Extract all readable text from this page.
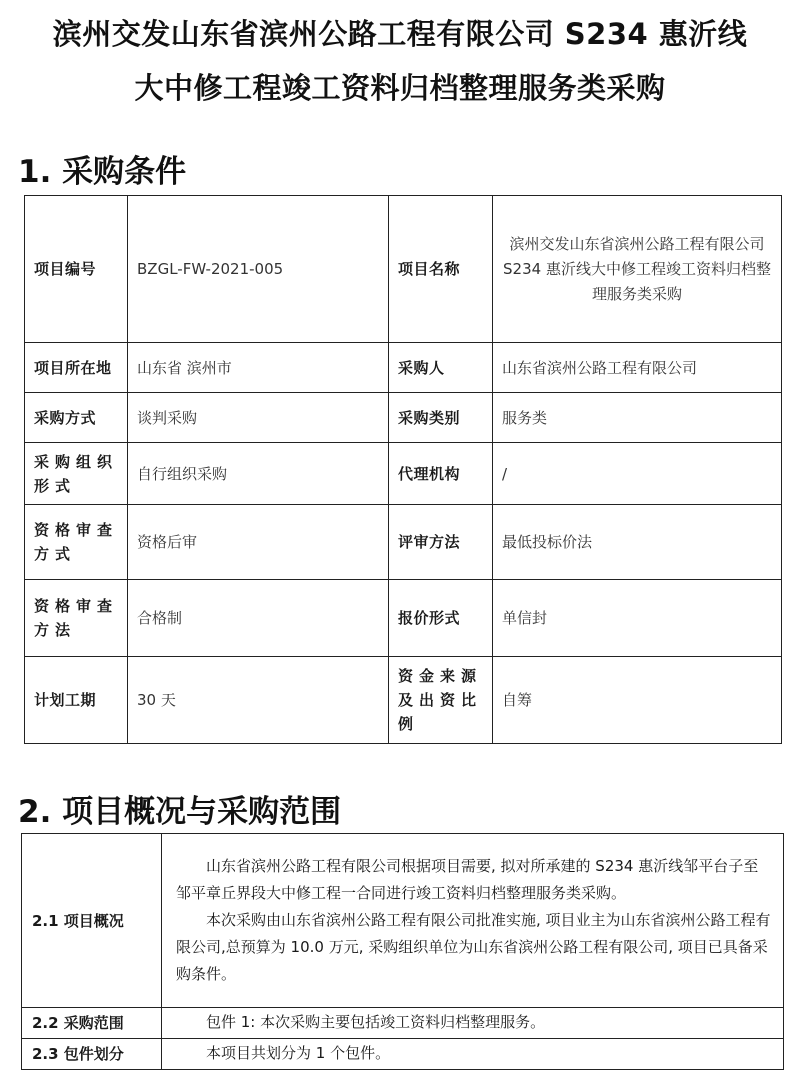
滨州交发山东省滨州公路工程有限公司 S234 惠沂线
大中修工程竣工资料归档整理服务类采购
1. 采购条件
项目编号	BZGL-FW-2021-005	项目名称	滨州交发山东省滨州公路工程有限公司 S234 惠沂线大中修工程竣工资料归档整理服务类采购
项目所在地	山东省 滨州市	采购人	山东省滨州公路工程有限公司
采购方式	谈判采购	采购类别	服务类
采购组织形式	自行组织采购	代理机构	/
资格审查方式	资格后审	评审方法	最低投标价法
资格审查方法	合格制	报价形式	单信封
计划工期	30 天	资金来源及出资比例	自筹
2. 项目概况与采购范围
2.1 项目概况	山东省滨州公路工程有限公司根据项目需要, 拟对所承建的 S234 惠沂线邹平台子至邹平章丘界段大中修工程一合同进行竣工资料归档整理服务类采购。
本次采购由山东省滨州公路工程有限公司批准实施, 项目业主为山东省滨州公路工程有限公司,总预算为 10.0 万元, 采购组织单位为山东省滨州公路工程有限公司, 项目已具备采购条件。

2.2 采购范围	包件 1: 本次采购主要包括竣工资料归档整理服务。

2.3 包件划分	本项目共划分为 1 个包件。
